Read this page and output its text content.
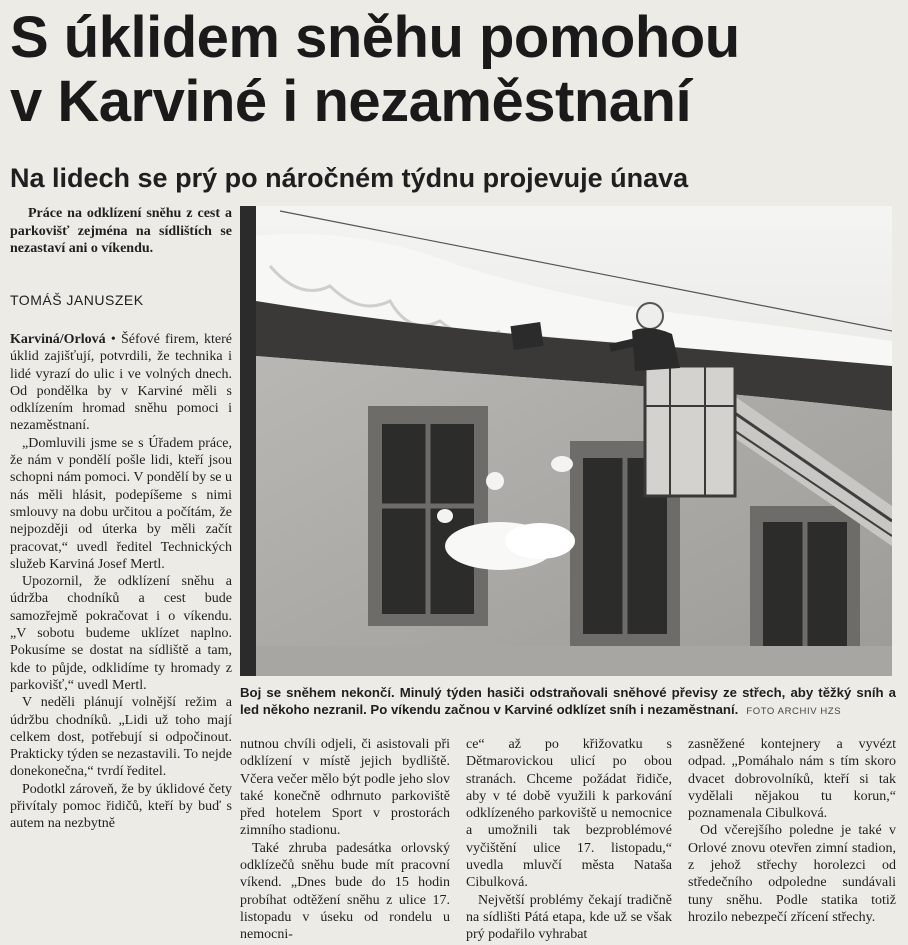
S úklidem sněhu pomohou
v Karviné i nezaměstnaní
Na lidech se prý po náročném týdnu projevuje únava

Práce na odklízení sněhu z cest a parkovišť zejména na sídlištích se nezastaví ani o víkendu.

TOMÁŠ JANUSZEK

Karviná/Orlová • Šéfové firem, které úklid zajišťují, potvrdili, že technika i lidé vyrazí do ulic i ve volných dnech. Od pondělka by v Karviné měli s odklízením hromad sněhu pomoci i nezaměstnaní.

„Domluvili jsme se s Úřadem práce, že nám v pondělí pošle lidi, kteří jsou schopni nám pomoci. V pondělí by se u nás měli hlásit, podepíšeme s nimi smlouvy na dobu určitou a počítám, že nejpozději od úterka by měli začít pracovat,“ uvedl ředitel Technických služeb Karviná Josef Mertl.

Upozornil, že odklízení sněhu a údržba chodníků a cest bude samozřejmě pokračovat i o víkendu. „V sobotu budeme uklízet naplno. Pokusíme se dostat na sídliště a tam, kde to půjde, odklidíme ty hromady z parkovišť,“ uvedl Mertl.

V neděli plánují volnější režim a údržbu chodníků. „Lidi už toho mají celkem dost, potřebují si odpočinout. Prakticky týden se nezastavili. To nejde donekonečna,“ tvrdí ředitel.

Podotkl zároveň, že by úklidové čety přivítaly pomoc řidičů, kteří by buď s autem na nezbytně

Boj se sněhem nekončí. Minulý týden hasiči odstraňovali sněhové převisy ze střech, aby těžký sníh a led někoho nezranil. Po víkendu začnou v Karviné odklízet sníh i nezaměstnaní. FOTO ARCHIV HZS

nutnou chvíli odjeli, či asistovali při odklízení v místě jejich bydliště. Včera večer mělo být podle jeho slov také konečně odhrnuto parkoviště před hotelem Sport v prostorách zimního stadionu.

Také zhruba padesátka orlovský odklízečů sněhu bude mít pracovní víkend. „Dnes bude do 15 hodin probíhat odtěžení sněhu z ulice 17. listopadu v úseku od rondelu u nemocni-

ce“ až po křižovatku s Dětmarovickou ulicí po obou stranách. Chceme požádat řidiče, aby v té době využili k parkování odklízeného parkoviště u nemocnice a umožnili tak bezproblémové vyčištění ulice 17. listopadu,“ uvedla mluvčí města Nataša Cibulková.

Největší problémy čekají tradičně na sídlišti Pátá etapa, kde už se však prý podařilo vyhrabat

zasněžené kontejnery a vyvézt odpad. „Pomáhalo nám s tím skoro dvacet dobrovolníků, kteří si tak vydělali nějakou tu korun,“ poznamenala Cibulková.

Od včerejšího poledne je také v Orlové znovu otevřen zimní stadion, z jehož střechy horolezci od středečního odpoledne sundávali tuny sněhu. Podle statika totiž hrozilo nebezpečí zřícení střechy.
